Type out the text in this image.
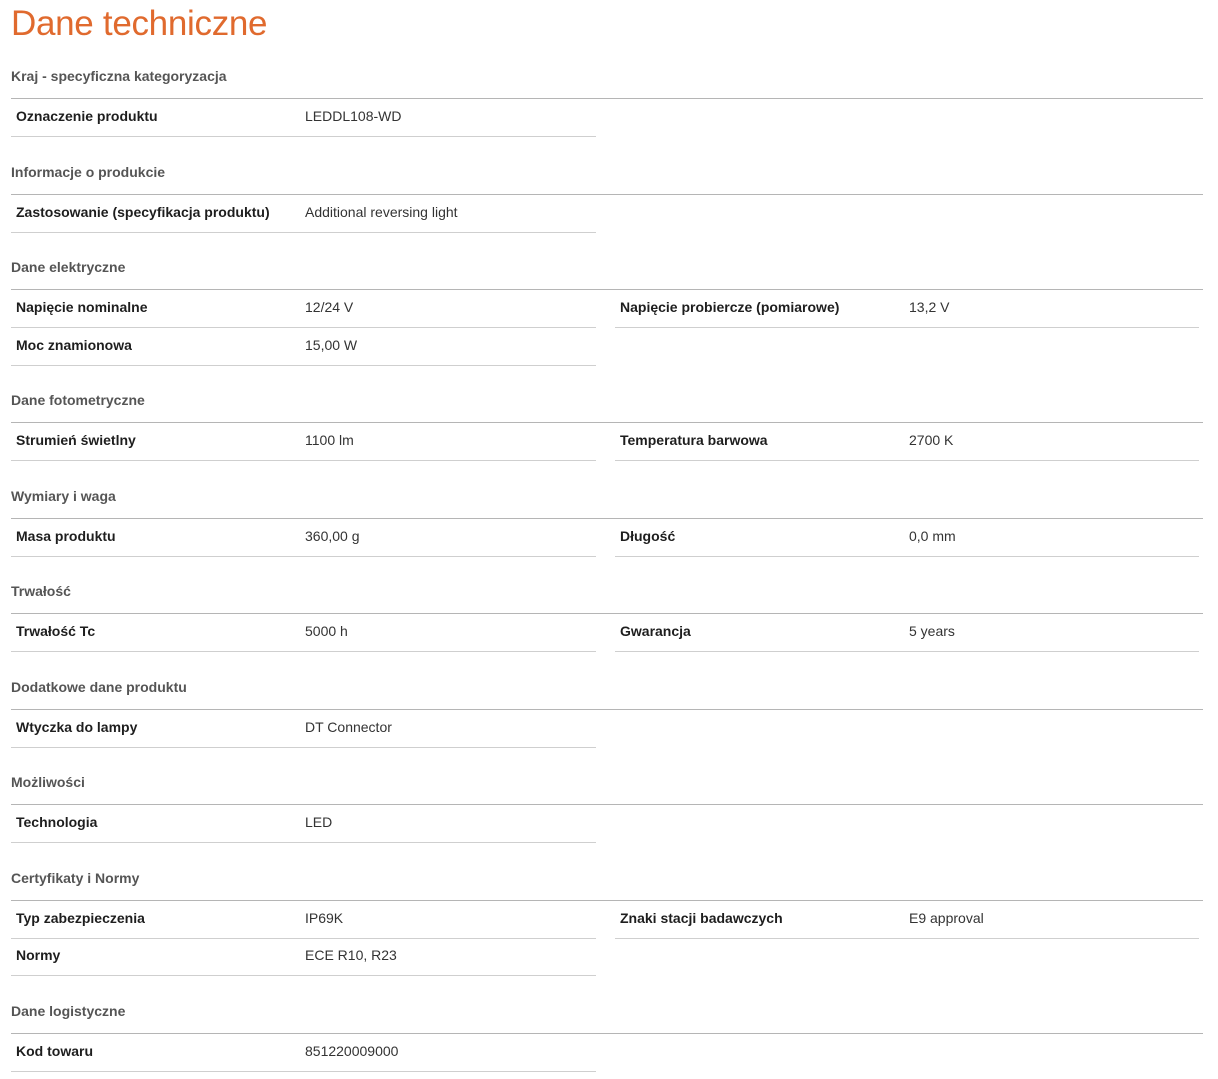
Dane techniczne
Kraj - specyficzna kategoryzacja
Oznaczenie produktu	LEDDL108-WD
Informacje o produkcie
Zastosowanie (specyfikacja produktu)	Additional reversing light
Dane elektryczne
Napięcie nominalne	12/24 V	Napięcie probiercze (pomiarowe)	13,2 V
Moc znamionowa	15,00 W
Dane fotometryczne
Strumień świetlny	1100 lm	Temperatura barwowa	2700 K
Wymiary i waga
Masa produktu	360,00 g	Długość	0,0 mm
Trwałość
Trwałość Tc	5000 h	Gwarancja	5 years
Dodatkowe dane produktu
Wtyczka do lampy	DT Connector
Możliwości
Technologia	LED
Certyfikaty i Normy
Typ zabezpieczenia	IP69K	Znaki stacji badawczych	E9 approval
Normy	ECE R10, R23
Dane logistyczne
Kod towaru	851220009000
